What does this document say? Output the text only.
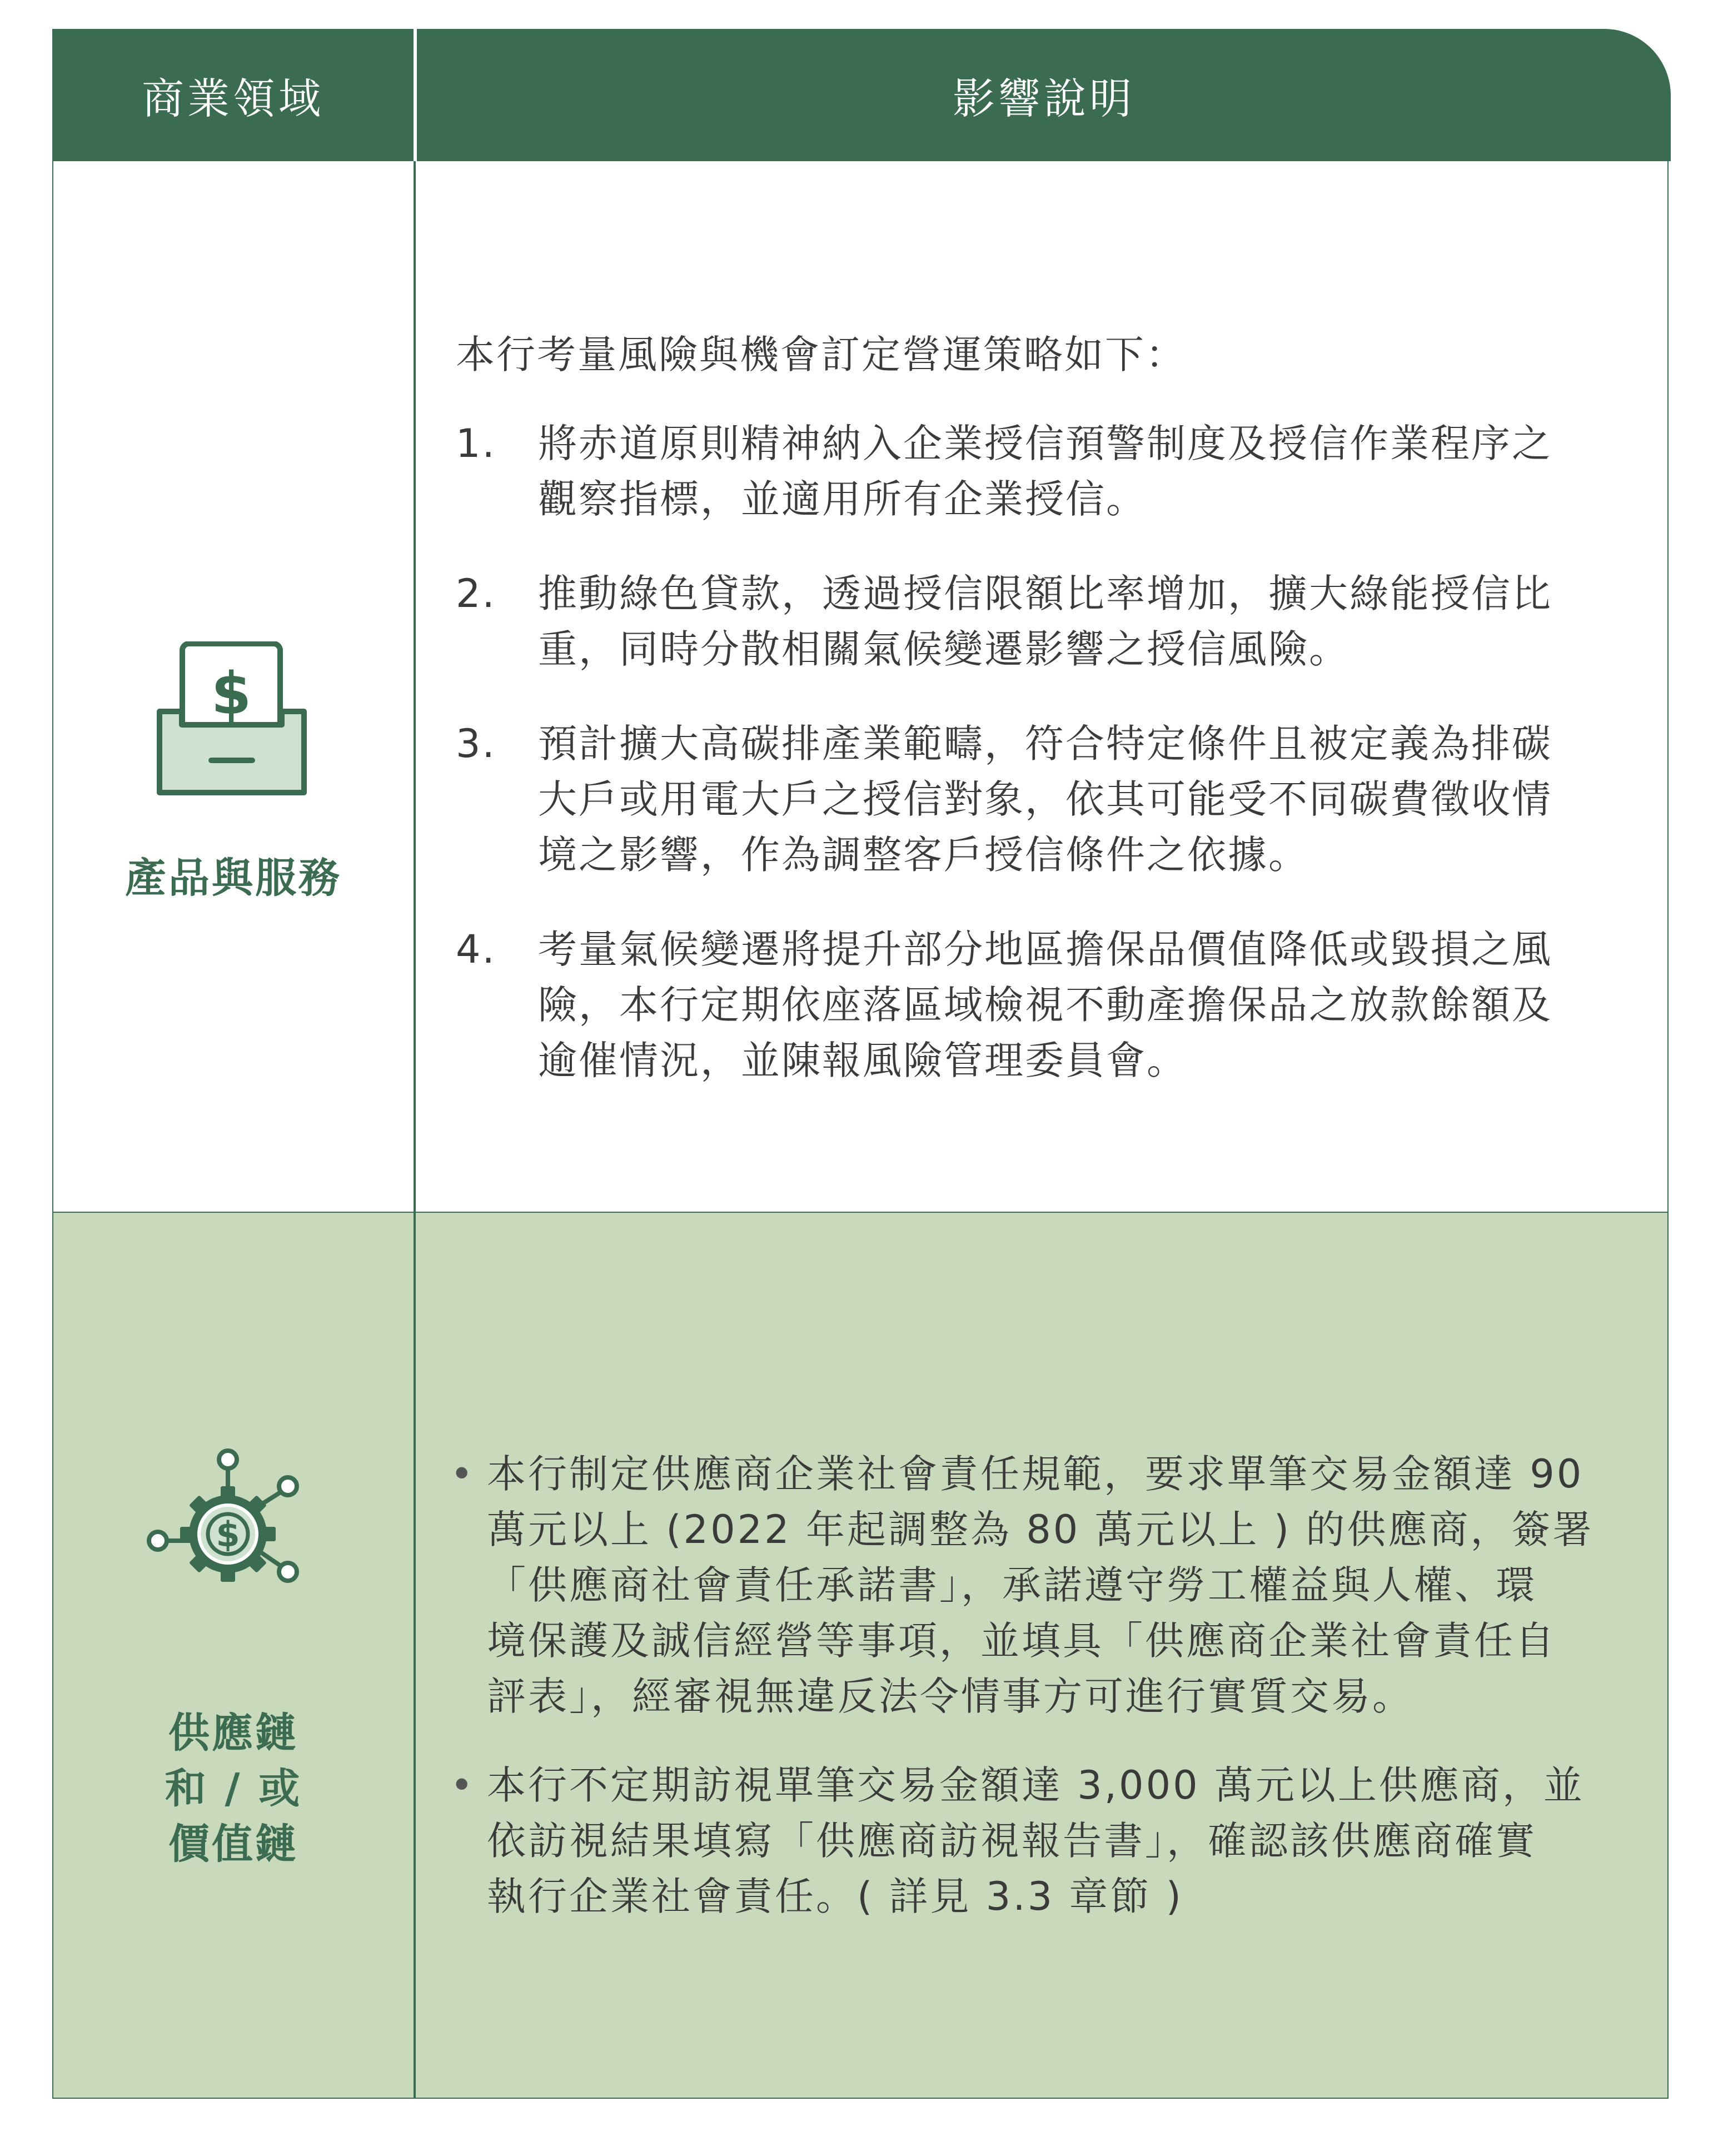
商業領域	影響說明
$
產品與服務
本行考量風險與機會訂定營運策略如下：
1. 將赤道原則精神納入企業授信預警制度及授信作業程序之
觀察指標，並適用所有企業授信。
2. 推動綠色貸款，透過授信限額比率增加，擴大綠能授信比
重，同時分散相關氣候變遷影響之授信風險。
3. 預計擴大高碳排產業範疇，符合特定條件且被定義為排碳
大戶或用電大戶之授信對象，依其可能受不同碳費徵收情
境之影響，作為調整客戶授信條件之依據。
4. 考量氣候變遷將提升部分地區擔保品價值降低或毀損之風
險，本行定期依座落區域檢視不動產擔保品之放款餘額及
逾催情況，並陳報風險管理委員會。
$
供應鏈
和 / 或
價值鏈
• 本行制定供應商企業社會責任規範，要求單筆交易金額達 90
萬元以上 (2022 年起調整為 80 萬元以上 ) 的供應商，簽署
「供應商社會責任承諾書」，承諾遵守勞工權益與人權、環
境保護及誠信經營等事項，並填具「供應商企業社會責任自
評表」，經審視無違反法令情事方可進行實質交易。
• 本行不定期訪視單筆交易金額達 3,000 萬元以上供應商，並
依訪視結果填寫「供應商訪視報告書」，確認該供應商確實
執行企業社會責任。( 詳見 3.3 章節 )
